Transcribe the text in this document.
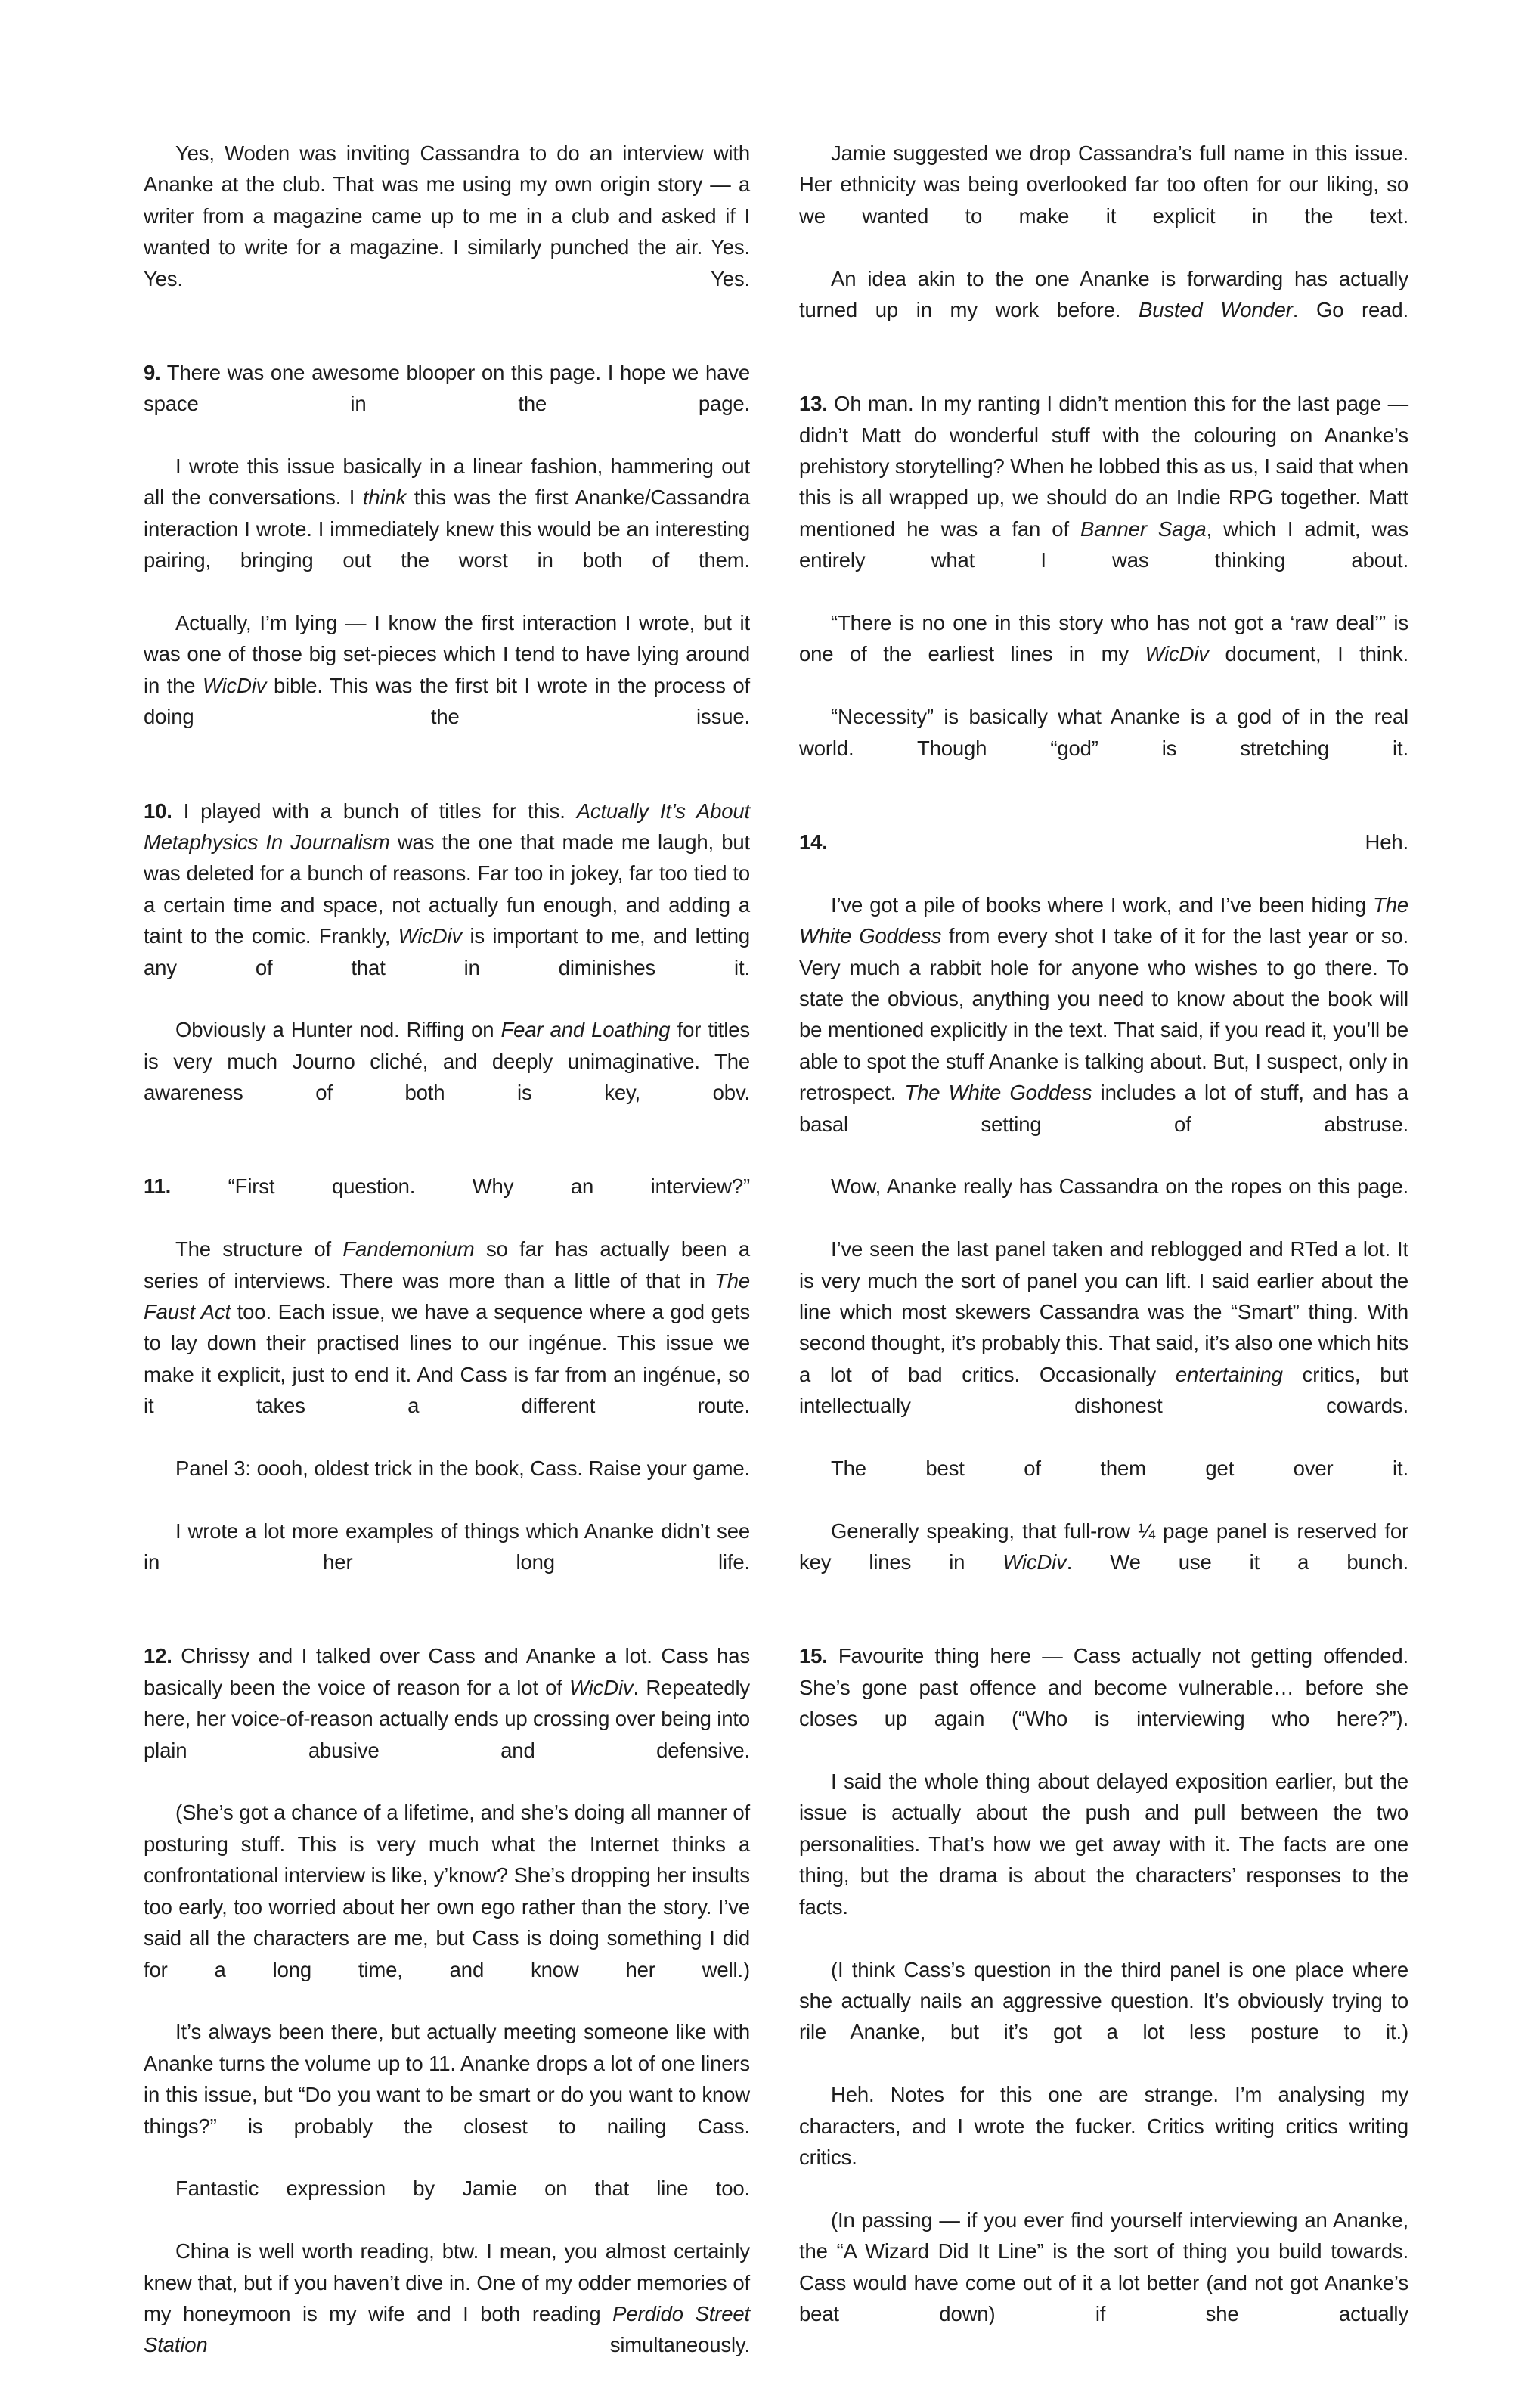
Yes, Woden was inviting Cassandra to do an interview with Ananke at the club. That was me using my own origin story — a writer from a magazine came up to me in a club and asked if I wanted to write for a magazine. I similarly punched the air. Yes. Yes. Yes.

9. There was one awesome blooper on this page. I hope we have space in the page.

I wrote this issue basically in a linear fashion, hammering out all the conversations. I think this was the first Ananke/Cassandra interaction I wrote. I immediately knew this would be an interesting pairing, bringing out the worst in both of them.

Actually, I’m lying — I know the first interaction I wrote, but it was one of those big set-pieces which I tend to have lying around in the WicDiv bible. This was the first bit I wrote in the process of doing the issue.

10. I played with a bunch of titles for this. Actually It’s About Metaphysics In Journalism was the one that made me laugh, but was deleted for a bunch of reasons. Far too in jokey, far too tied to a certain time and space, not actually fun enough, and adding a taint to the comic. Frankly, WicDiv is important to me, and letting any of that in diminishes it.

Obviously a Hunter nod. Riffing on Fear and Loathing for titles is very much Journo cliché, and deeply unimaginative. The awareness of both is key, obv.

11. “First question. Why an interview?”

The structure of Fandemonium so far has actually been a series of interviews. There was more than a little of that in The Faust Act too. Each issue, we have a sequence where a god gets to lay down their practised lines to our ingénue. This issue we make it explicit, just to end it. And Cass is far from an ingénue, so it takes a different route.

Panel 3: oooh, oldest trick in the book, Cass. Raise your game.

I wrote a lot more examples of things which Ananke didn’t see in her long life.

12. Chrissy and I talked over Cass and Ananke a lot. Cass has basically been the voice of reason for a lot of WicDiv. Repeatedly here, her voice-of-reason actually ends up crossing over being into plain abusive and defensive.

(She’s got a chance of a lifetime, and she’s doing all manner of posturing stuff. This is very much what the Internet thinks a confrontational interview is like, y’know? She’s dropping her insults too early, too worried about her own ego rather than the story. I’ve said all the characters are me, but Cass is doing something I did for a long time, and know her well.)

It’s always been there, but actually meeting someone like with Ananke turns the volume up to 11. Ananke drops a lot of one liners in this issue, but “Do you want to be smart or do you want to know things?” is probably the closest to nailing Cass.

Fantastic expression by Jamie on that line too.

China is well worth reading, btw. I mean, you almost certainly knew that, but if you haven’t dive in. One of my odder memories of my honeymoon is my wife and I both reading Perdido Street Station simultaneously.

Jamie suggested we drop Cassandra’s full name in this issue. Her ethnicity was being overlooked far too often for our liking, so we wanted to make it explicit in the text.

An idea akin to the one Ananke is forwarding has actually turned up in my work before. Busted Wonder. Go read.

13. Oh man. In my ranting I didn’t mention this for the last page — didn’t Matt do wonderful stuff with the colouring on Ananke’s prehistory storytelling? When he lobbed this as us, I said that when this is all wrapped up, we should do an Indie RPG together. Matt mentioned he was a fan of Banner Saga, which I admit, was entirely what I was thinking about.

“There is no one in this story who has not got a ‘raw deal’” is one of the earliest lines in my WicDiv document, I think.

“Necessity” is basically what Ananke is a god of in the real world. Though “god” is stretching it.

14. Heh.

I’ve got a pile of books where I work, and I’ve been hiding The White Goddess from every shot I take of it for the last year or so. Very much a rabbit hole for anyone who wishes to go there. To state the obvious, anything you need to know about the book will be mentioned explicitly in the text. That said, if you read it, you’ll be able to spot the stuff Ananke is talking about. But, I suspect, only in retrospect. The White Goddess includes a lot of stuff, and has a basal setting of abstruse.

Wow, Ananke really has Cassandra on the ropes on this page.

I’ve seen the last panel taken and reblogged and RTed a lot. It is very much the sort of panel you can lift. I said earlier about the line which most skewers Cassandra was the “Smart” thing. With second thought, it’s probably this. That said, it’s also one which hits a lot of bad critics. Occasionally entertaining critics, but intellectually dishonest cowards.

The best of them get over it.

Generally speaking, that full-row ¼ page panel is reserved for key lines in WicDiv. We use it a bunch.

15. Favourite thing here — Cass actually not getting offended. She’s gone past offence and become vulnerable… before she closes up again (“Who is interviewing who here?”).

I said the whole thing about delayed exposition earlier, but the issue is actually about the push and pull between the two personalities. That’s how we get away with it. The facts are one thing, but the drama is about the characters’ responses to the facts.

(I think Cass’s question in the third panel is one place where she actually nails an aggressive question. It’s obviously trying to rile Ananke, but it’s got a lot less posture to it.)

Heh. Notes for this one are strange. I’m analysing my characters, and I wrote the fucker. Critics writing critics writing critics.

(In passing — if you ever find yourself interviewing an Ananke, the “A Wizard Did It Line” is the sort of thing you build towards. Cass would have come out of it a lot better (and not got Ananke’s beat down) if she actually
